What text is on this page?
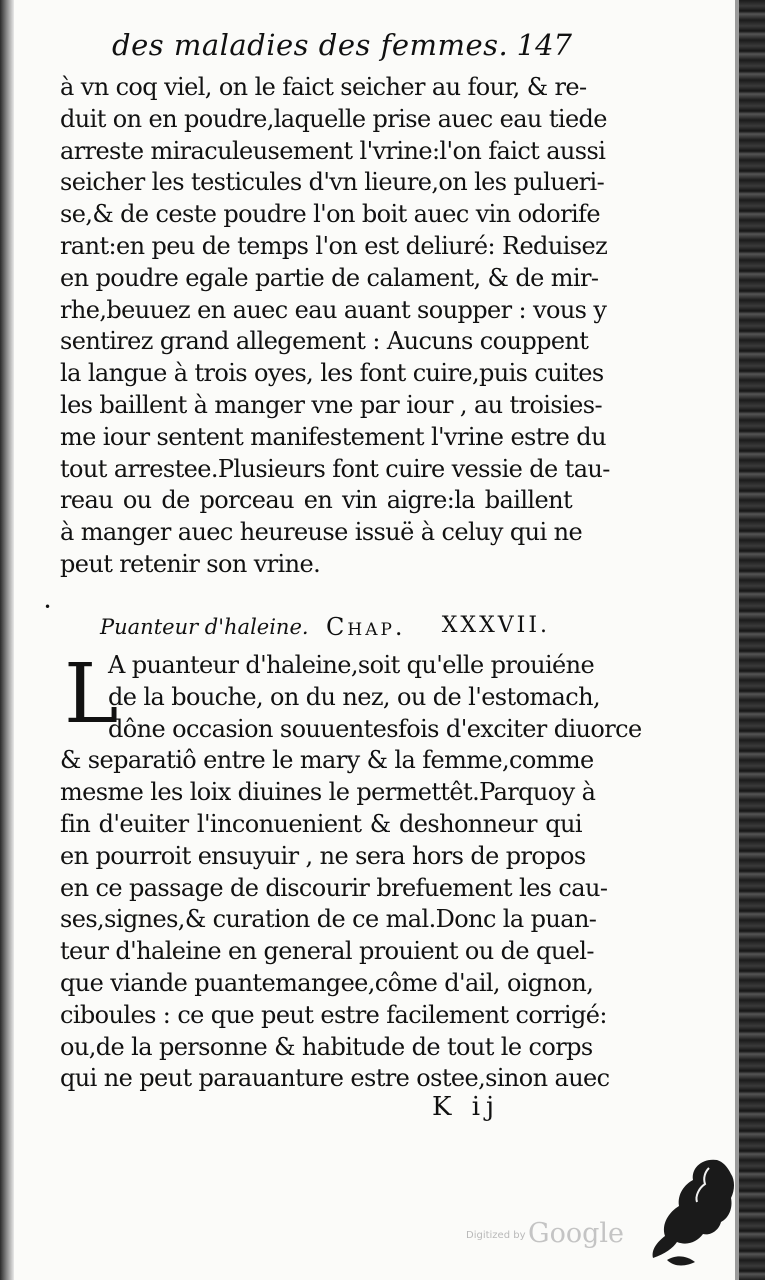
des maladies des femmes. 147
à vn coq viel, on le faict seicher au four, & re-
duit on en poudre,laquelle prise auec eau tiede
arreste miraculeusement l'vrine:l'on faict aussi
seicher les testicules d'vn lieure,on les pulueri-
se,& de ceste poudre l'on boit auec vin odorife
rant:en peu de temps l'on est deliuré: Reduisez
en poudre egale partie de calament, & de mir-
rhe,beuuez en auec eau auant soupper : vous y
sentirez grand allegement : Aucuns couppent
la langue à trois oyes, les font cuire,puis cuites
les baillent à manger vne par iour , au troisies-
me iour sentent manifestement l'vrine estre du
tout arrestee.Plusieurs font cuire vessie de tau-
reau ou de porceau en vin aigre:la baillent
à manger auec heureuse issuë à celuy qui ne
peut retenir son vrine.
•
Puanteur d'haleine. Chap. XXXVII.
L
A puanteur d'haleine,soit qu'elle prouiéne
de la bouche, on du nez, ou de l'estomach,
dône occasion souuentesfois d'exciter diuorce
& separatiô entre le mary & la femme,comme
mesme les loix diuines le permettêt.Parquoy à
fin d'euiter l'inconuenient & deshonneur qui
en pourroit ensuyuir , ne sera hors de propos
en ce passage de discourir brefuement les cau-
ses,signes,& curation de ce mal.Donc la puan-
teur d'haleine en general prouient ou de quel-
que viande puantemangee,côme d'ail, oignon,
ciboules : ce que peut estre facilement corrigé:
ou,de la personne & habitude de tout le corps
qui ne peut parauanture estre ostee,sinon auec
K ij
Digitized by Google
